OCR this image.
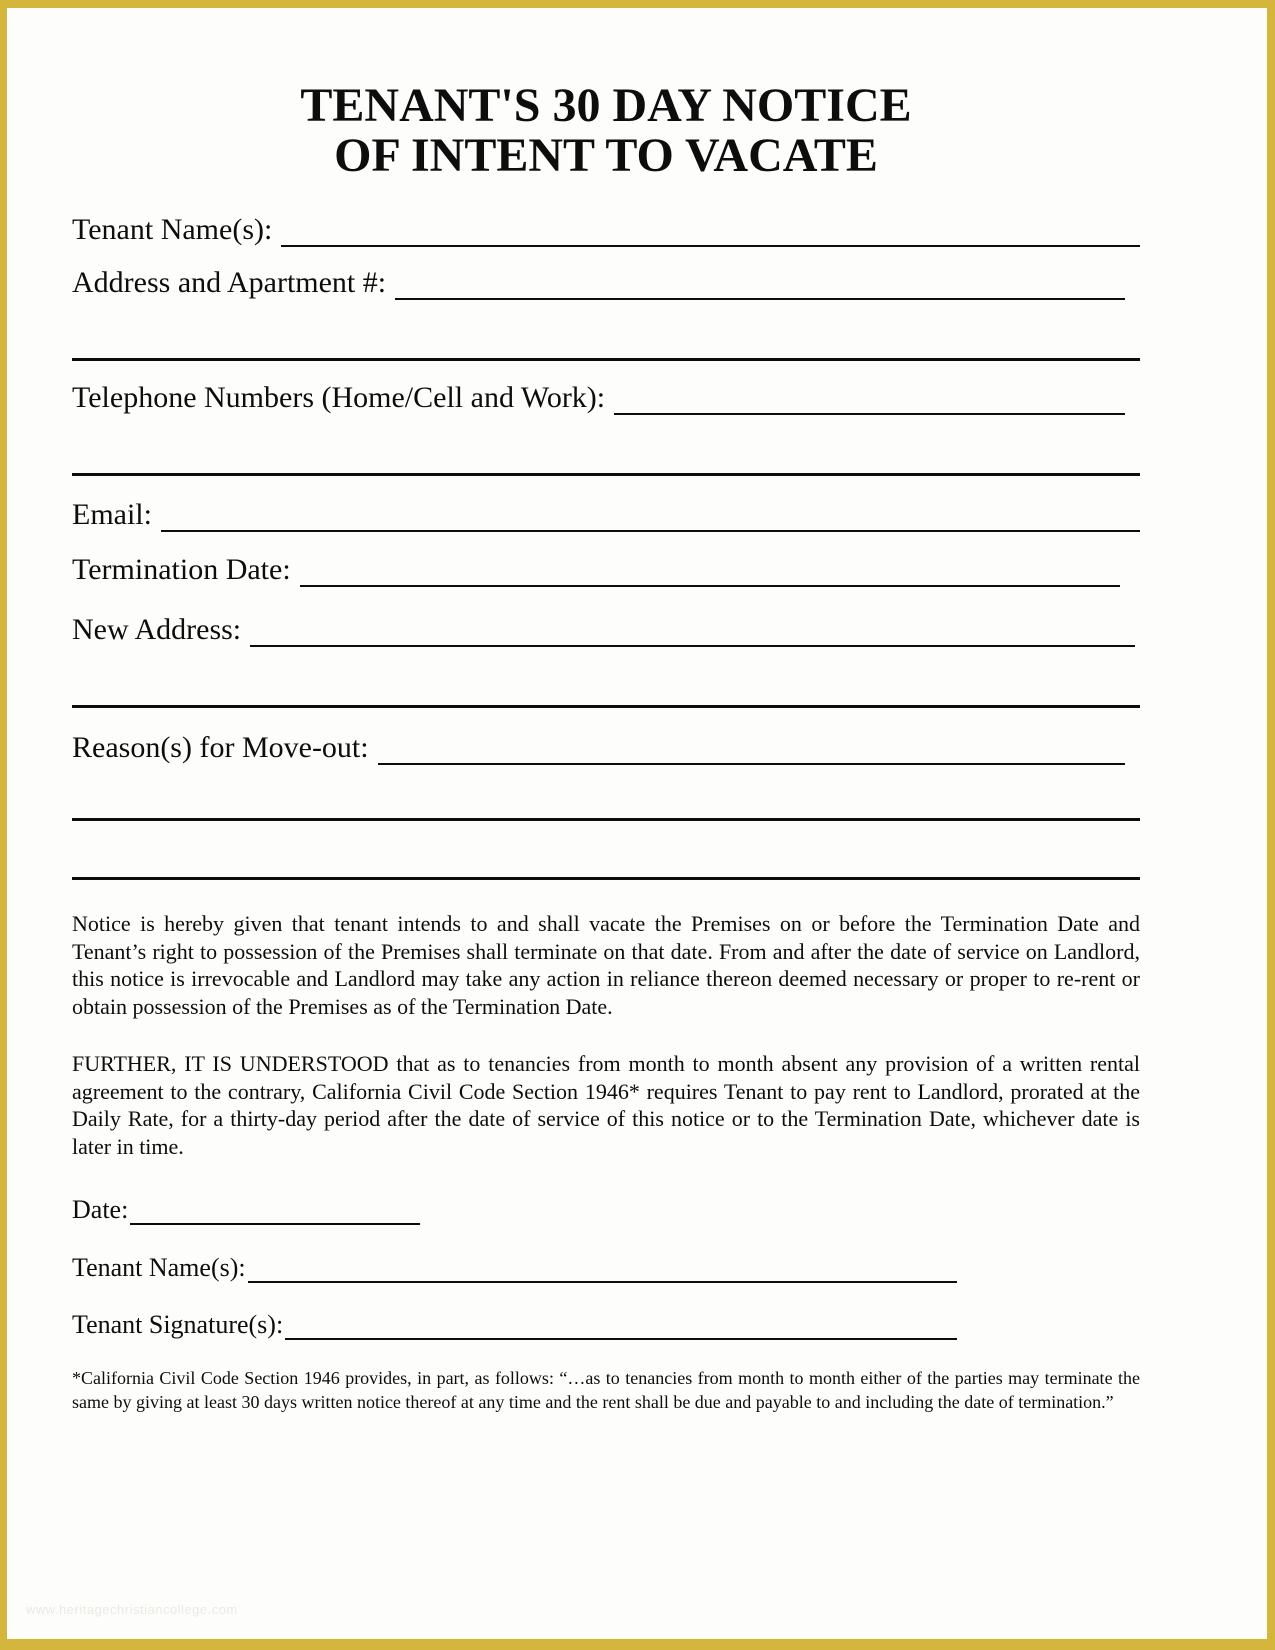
TENANT'S 30 DAY NOTICE
OF INTENT TO VACATE
Tenant Name(s):
Address and Apartment #:
Telephone Numbers (Home/Cell and Work):
Email:
Termination Date:
New Address:
Reason(s) for Move-out:

Notice is hereby given that tenant intends to and shall vacate the Premises on or before the Termination Date and Tenant’s right to possession of the Premises shall terminate on that date. From and after the date of service on Landlord, this notice is irrevocable and Landlord may take any action in reliance thereon deemed necessary or proper to re-rent or obtain possession of the Premises as of the Termination Date.

FURTHER, IT IS UNDERSTOOD that as to tenancies from month to month absent any provision of a written rental agreement to the contrary, California Civil Code Section 1946* requires Tenant to pay rent to Landlord, prorated at the Daily Rate, for a thirty-day period after the date of service of this notice or to the Termination Date, whichever date is later in time.

Date:
Tenant Name(s):
Tenant Signature(s):

*California Civil Code Section 1946 provides, in part, as follows: “…as to tenancies from month to month either of the parties may terminate the same by giving at least 30 days written notice thereof at any time and the rent shall be due and payable to and including the date of termination.”

www.heritagechristiancollege.com
